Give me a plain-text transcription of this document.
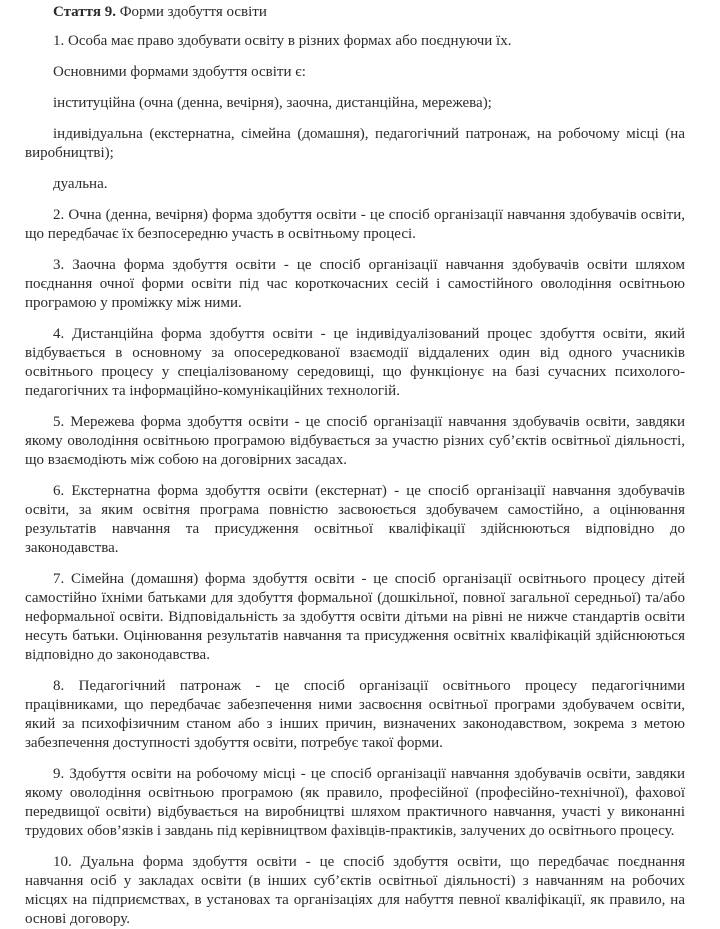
Стаття 9. Форми здобуття освіти

1. Особа має право здобувати освіту в різних формах або поєднуючи їх.

Основними формами здобуття освіти є:

інституційна (очна (денна, вечірня), заочна, дистанційна, мережева);

індивідуальна (екстернатна, сімейна (домашня), педагогічний патронаж, на робочому місці (на виробництві);

дуальна.

2. Очна (денна, вечірня) форма здобуття освіти - це спосіб організації навчання здобувачів освіти, що передбачає їх безпосередню участь в освітньому процесі.

3. Заочна форма здобуття освіти - це спосіб організації навчання здобувачів освіти шляхом поєднання очної форми освіти під час короткочасних сесій і самостійного оволодіння освітньою програмою у проміжку між ними.

4. Дистанційна форма здобуття освіти - це індивідуалізований процес здобуття освіти, який відбувається в основному за опосередкованої взаємодії віддалених один від одного учасників освітнього процесу у спеціалізованому середовищі, що функціонує на базі сучасних психолого-педагогічних та інформаційно-комунікаційних технологій.

5. Мережева форма здобуття освіти - це спосіб організації навчання здобувачів освіти, завдяки якому оволодіння освітньою програмою відбувається за участю різних суб’єктів освітньої діяльності, що взаємодіють між собою на договірних засадах.

6. Екстернатна форма здобуття освіти (екстернат) - це спосіб організації навчання здобувачів освіти, за яким освітня програма повністю засвоюється здобувачем самостійно, а оцінювання результатів навчання та присудження освітньої кваліфікації здійснюються відповідно до законодавства.

7. Сімейна (домашня) форма здобуття освіти - це спосіб організації освітнього процесу дітей самостійно їхніми батьками для здобуття формальної (дошкільної, повної загальної середньої) та/або неформальної освіти. Відповідальність за здобуття освіти дітьми на рівні не нижче стандартів освіти несуть батьки. Оцінювання результатів навчання та присудження освітніх кваліфікацій здійснюються відповідно до законодавства.

8. Педагогічний патронаж - це спосіб організації освітнього процесу педагогічними працівниками, що передбачає забезпечення ними засвоєння освітньої програми здобувачем освіти, який за психофізичним станом або з інших причин, визначених законодавством, зокрема з метою забезпечення доступності здобуття освіти, потребує такої форми.

9. Здобуття освіти на робочому місці - це спосіб організації навчання здобувачів освіти, завдяки якому оволодіння освітньою програмою (як правило, професійної (професійно-технічної), фахової передвищої освіти) відбувається на виробництві шляхом практичного навчання, участі у виконанні трудових обов’язків і завдань під керівництвом фахівців-практиків, залучених до освітнього процесу.

10. Дуальна форма здобуття освіти - це спосіб здобуття освіти, що передбачає поєднання навчання осіб у закладах освіти (в інших суб’єктів освітньої діяльності) з навчанням на робочих місцях на підприємствах, в установах та організаціях для набуття певної кваліфікації, як правило, на основі договору.
